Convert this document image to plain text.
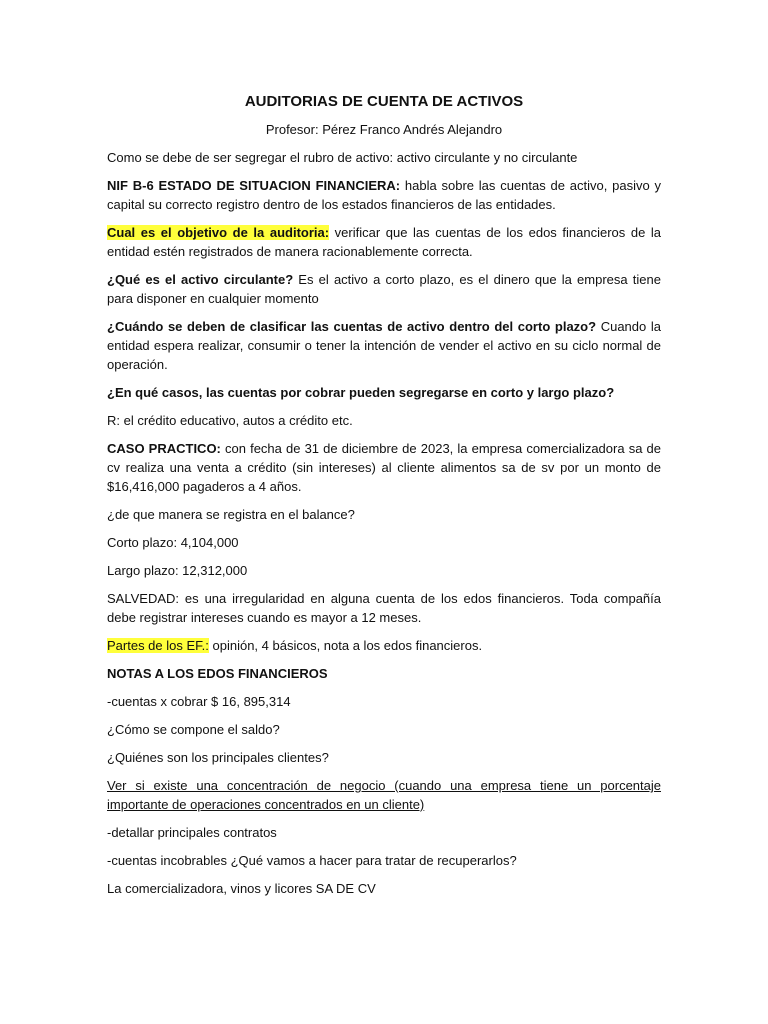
AUDITORIAS DE CUENTA DE ACTIVOS
Profesor: Pérez Franco Andrés Alejandro

Como se debe de ser segregar el rubro de activo: activo circulante y no circulante

NIF B-6 ESTADO DE SITUACION FINANCIERA: habla sobre las cuentas de activo, pasivo y capital su correcto registro dentro de los estados financieros de las entidades.

Cual es el objetivo de la auditoria: verificar que las cuentas de los edos financieros de la entidad estén registrados de manera racionablemente correcta.

¿Qué es el activo circulante? Es el activo a corto plazo, es el dinero que la empresa tiene para disponer en cualquier momento

¿Cuándo se deben de clasificar las cuentas de activo dentro del corto plazo? Cuando la entidad espera realizar, consumir o tener la intención de vender el activo en su ciclo normal de operación.

¿En qué casos, las cuentas por cobrar pueden segregarse en corto y largo plazo?

R: el crédito educativo, autos a crédito etc.

CASO PRACTICO: con fecha de 31 de diciembre de 2023, la empresa comercializadora sa de cv realiza una venta a crédito (sin intereses) al cliente alimentos sa de sv por un monto de $16,416,000 pagaderos a 4 años.

¿de que manera se registra en el balance?

Corto plazo: 4,104,000

Largo plazo: 12,312,000

SALVEDAD: es una irregularidad en alguna cuenta de los edos financieros. Toda compañía debe registrar intereses cuando es mayor a 12 meses.

Partes de los EF.: opinión, 4 básicos, nota a los edos financieros.

NOTAS A LOS EDOS FINANCIEROS

-cuentas x cobrar $ 16, 895,314

¿Cómo se compone el saldo?

¿Quiénes son los principales clientes?

Ver si existe una concentración de negocio (cuando una empresa tiene un porcentaje importante de operaciones concentrados en un cliente)

-detallar principales contratos

-cuentas incobrables ¿Qué vamos a hacer para tratar de recuperarlos?

La comercializadora, vinos y licores SA DE CV
